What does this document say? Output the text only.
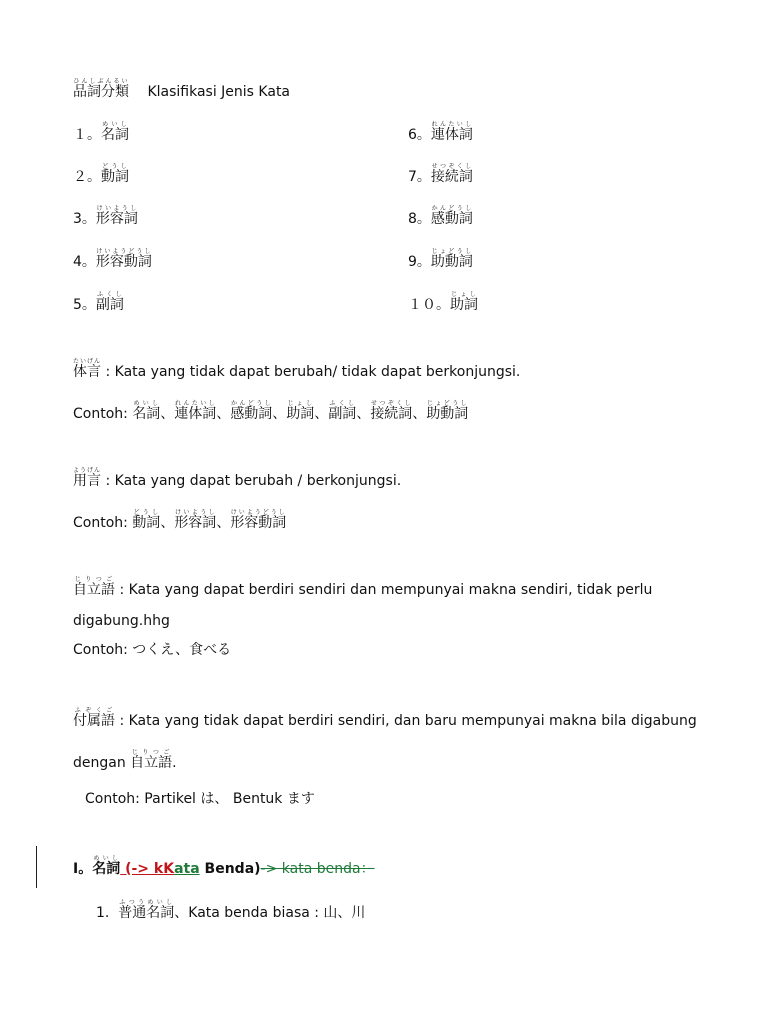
品詞分類ひんしぶんるい Klasifikasi Jenis Kata
１。名詞めいし
２。動詞どうし
3。形容詞けいようし
4。形容動詞けいようどうし
5。副詞ふくし
6。連体詞れんたいし
7。接続詞せつぞくし
8。感動詞かんどうし
9。助動詞じょどうし
１０。助詞じょし
体言たいげん : Kata yang tidak dapat berubah/ tidak dapat berkonjungsi.
Contoh: 名詞めいし、連体詞れんたいし、感動詞かんどうし、助詞じょし、副詞ふくし、接続詞せつぞくし、助動詞じょどうし
用言ようげん : Kata yang dapat berubah / berkonjungsi.
Contoh: 動詞どうし、形容詞けいようし、形容動詞けいようどうし
自立語じりつご : Kata yang dapat berdiri sendiri dan mempunyai makna sendiri, tidak perlu
digabung.hhg
Contoh: つくえ、食べる
付属語ふぞくご : Kata yang tidak dapat berdiri sendiri, dan baru mempunyai makna bila digabung
dengan 自立語じりつご.
Contoh: Partikel は、 Bentuk ます
I。名詞めいし (-> kKata Benda)-> kata benda：
1. 普通名詞ふつうめいし、Kata benda biasa : 山、川
